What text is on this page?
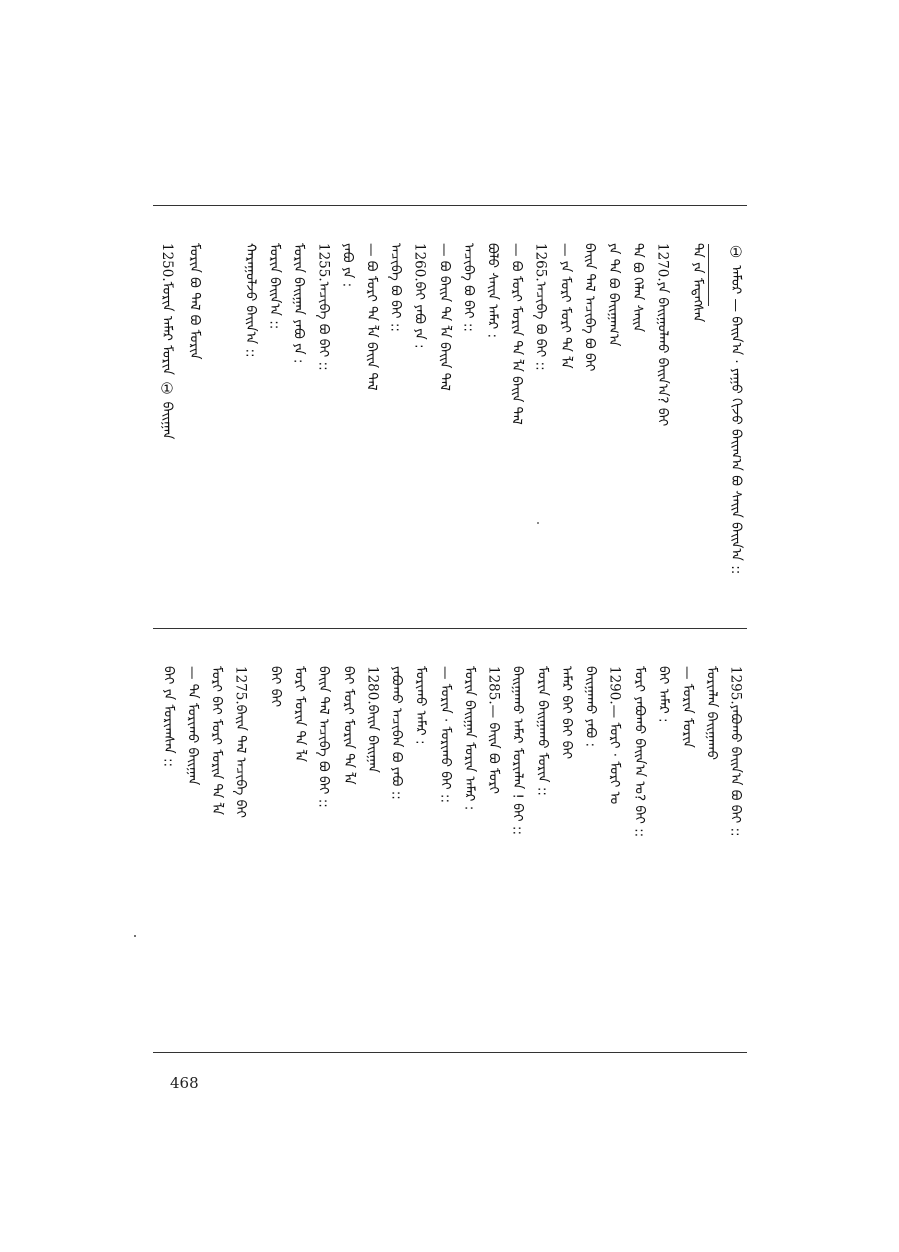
① ᠠᠮᠤᠷ — ᠪᠠᠢᠨ᠎ᠠ · ᠶᠠᠭᠤ ᠬᠢᠵᠦ ᠪᠠᠢᠭ᠎ᠠ ᠪᠤ ᠰᠠᠢᠨ ᠪᠠᠢᠨ᠎ᠠ ::
ᠲᠠ ᠶᠠ ᠮᠡᠳᠡᠭᠰᠡᠨ
1270.ᠶᠠ ᠪᠠᠢᠭᠤᠯᠬᠤ ᠪᠠᠢᠨ᠎ᠠ? ᠪᠠᠢ
ᠲᠠ ᠪᠣ ᠬᠡᠯᠡᠨ ᠰᠠᠢᠨ
ᠶᠠ ᠲᠠ ᠪᠣ ᠪᠠᠢᠭᠠᠭ᠎ᠠ
ᠪᠠᠢᠨ ᠲᠠᠯ ᠠᠴᠢᠪᠠ ᠪᠤ ᠪᠠᠢ
— ᠶᠠ ᠮᠣᠷᠢ ᠮᠣᠷᠢ ᠲᠠ ᠯᠠ
1265.ᠠᠴᠢᠪᠠ ᠪᠤ ᠪᠠᠢ ::
— ᠪᠤ ᠮᠣᠷᠢ ᠮᠣᠷᠢᠨ ᠲᠠ ᠯᠠ ᠪᠠᠢᠨ ᠲᠠᠯ
ᠪᠣᠯᠣ ᠰᠠᠢᠨ ᠠᠮᠠᠷ :
ᠠᠴᠢᠪᠠ ᠪᠤ ᠪᠠᠢ ::
— ᠪᠤ ᠪᠠᠢᠨ ᠲᠠ ᠯᠠ ᠪᠠᠢᠨ ᠲᠠᠯ
1260.ᠪᠠᠢ ᠶᠠᠪᠤ ᠶᠠ :
ᠠᠴᠢᠪᠠ ᠪᠤ ᠪᠠᠢ ::
— ᠪᠤ ᠮᠣᠷᠢ ᠲᠠ ᠯᠠ ᠪᠠᠢᠨ ᠲᠠᠯ
ᠶᠠᠪᠤ ᠶᠠ :
1255.ᠠᠴᠢᠪᠠ ᠪᠤ ᠪᠠᠢ ::
ᠮᠣᠷᠢᠨ ᠪᠠᠢᠭᠠᠨ ᠶᠠᠪᠤ ᠶᠠ :
ᠮᠣᠷᠢᠨ ᠪᠠᠢᠨ᠎ᠠ ::
ᠬᠠᠷᠠᠭᠤᠯᠵᠤ ᠪᠠᠢᠨ᠎ᠠ ::
ᠮᠣᠷᠢᠨ ᠪᠣ ᠲᠠᠯ ᠪᠤ ᠮᠣᠷᠢᠨ
1250.ᠮᠣᠷᠢᠨ ᠠᠮᠠᠷ ᠮᠣᠷᠢᠨ ① ᠪᠠᠢᠭᠠᠨ
1295.ᠶᠠᠪᠤᠬᠤ ᠪᠠᠢᠨ᠎ᠠ ᠪᠤ ᠪᠠᠢ ::
ᠮᠣᠷᠢᠨᠯᠠᠨ ᠪᠠᠢᠭᠠᠬᠤ
— ᠮᠣᠷᠢᠨ ᠮᠣᠷᠢᠨ
ᠪᠠᠢ ᠠᠮᠠᠷ :
ᠮᠣᠷᠢ ᠶᠠᠪᠤᠬᠤ ᠪᠠᠢᠨ᠎ᠠ ᠤ? ᠪᠠᠢ ::
1290.— ᠮᠣᠷᠢ · ᠮᠣᠷᠢ ᠤ
ᠪᠠᠢᠭᠠᠬᠤ ᠶᠠᠪᠤ :
ᠠᠮᠠᠷ ᠪᠠᠢ ᠪᠠᠢ ᠪᠠᠢ
ᠮᠣᠷᠢᠨ ᠪᠠᠢᠭᠠᠬᠤ ᠮᠣᠷᠢᠨ ::
ᠪᠠᠢᠭᠠᠬᠤ ᠠᠮᠠᠷ ᠮᠣᠷᠢᠨᠯᠠᠨ ! ᠪᠠᠢ ::
1285.— ᠪᠠᠢᠨ ᠪᠤ ᠮᠣᠷᠢ
ᠮᠣᠷᠢᠨ ᠪᠠᠢᠭᠠᠨ ᠮᠣᠷᠢᠨ ᠠᠮᠠᠷ :
— ᠮᠣᠷᠢᠨ · ᠮᠣᠷᠢᠬᠤ ᠪᠠᠢ ::
ᠮᠣᠷᠢᠬᠤ ᠠᠮᠠᠷ :
ᠶᠠᠪᠤᠬᠤ ᠠᠴᠢᠪᠠᠨ ᠪᠤ ᠶᠠᠪᠤ ::
1280.ᠪᠠᠢᠨ ᠪᠠᠢᠭᠠᠨ
ᠪᠠᠢ ᠮᠣᠷᠢ ᠮᠣᠷᠢᠨ ᠲᠠ ᠯᠠ
ᠪᠠᠢᠨ ᠲᠠᠯ ᠠᠴᠢᠪᠠ ᠪᠤ ᠪᠠᠢ ::
ᠮᠣᠷᠢ ᠮᠣᠷᠢᠨ ᠲᠠ ᠯᠠ
ᠪᠠᠢ ᠪᠠᠢ
1275.ᠪᠠᠢᠨ ᠲᠠᠯ ᠠᠴᠢᠪᠠ ᠪᠠᠢ
ᠮᠣᠷᠢ ᠪᠠᠢ ᠮᠣᠷᠢ ᠮᠣᠷᠢᠨ ᠲᠠ ᠯᠠ
— ᠲᠠ ᠮᠣᠷᠢᠬᠤ ᠪᠠᠢᠭᠠᠨ
ᠪᠠᠢ ᠶᠠ ᠮᠣᠷᠢᠭᠰᠠᠨ ::
468
